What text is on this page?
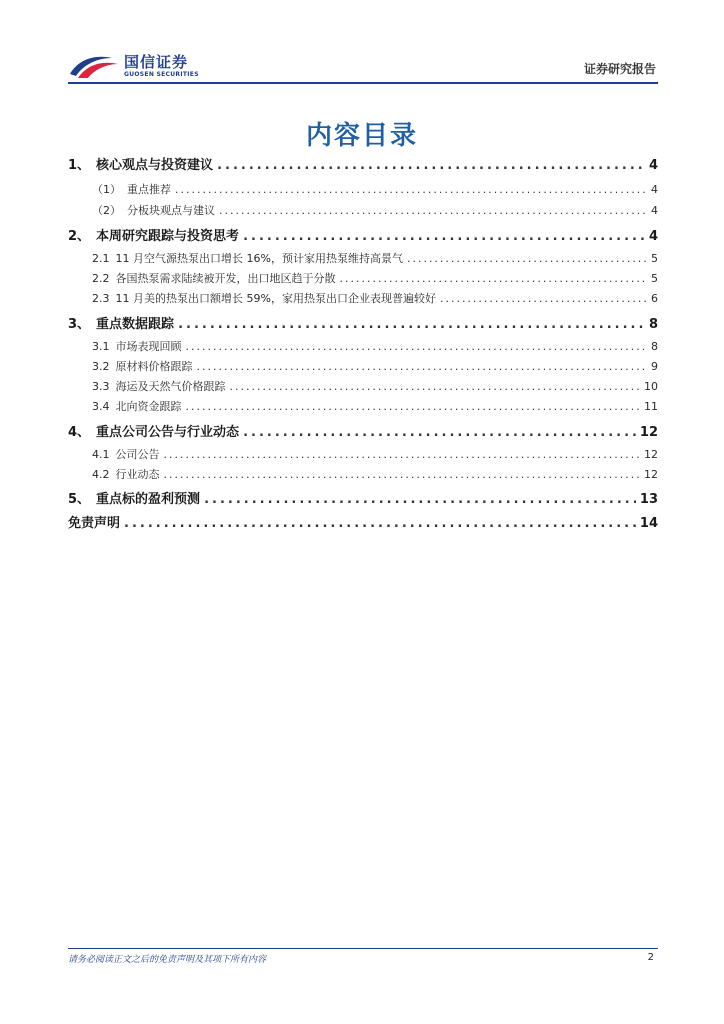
国信证券
GUOSEN SECURITIES	证券研究报告
内容目录
1、 核心观点与投资建议 .....	4
（1） 重点推荐 .....	4
（2） 分板块观点与建议 .....	4
2、 本周研究跟踪与投资思考 .....	4
2.1 11 月空气源热泵出口增长 16%，预计家用热泵维持高景气 .....	5
2.2 各国热泵需求陆续被开发，出口地区趋于分散 .....	5
2.3 11 月美的热泵出口额增长 59%，家用热泵出口企业表现普遍较好 .....	6
3、 重点数据跟踪 .....	8
3.1 市场表现回顾 .....	8
3.2 原材料价格跟踪 .....	9
3.3 海运及天然气价格跟踪 .....	10
3.4 北向资金跟踪 .....	11
4、 重点公司公告与行业动态 .....	12
4.1 公司公告 .....	12
4.2 行业动态 .....	12
5、 重点标的盈利预测 .....	13
免责声明 .....	14
请务必阅读正文之后的免责声明及其项下所有内容	2
